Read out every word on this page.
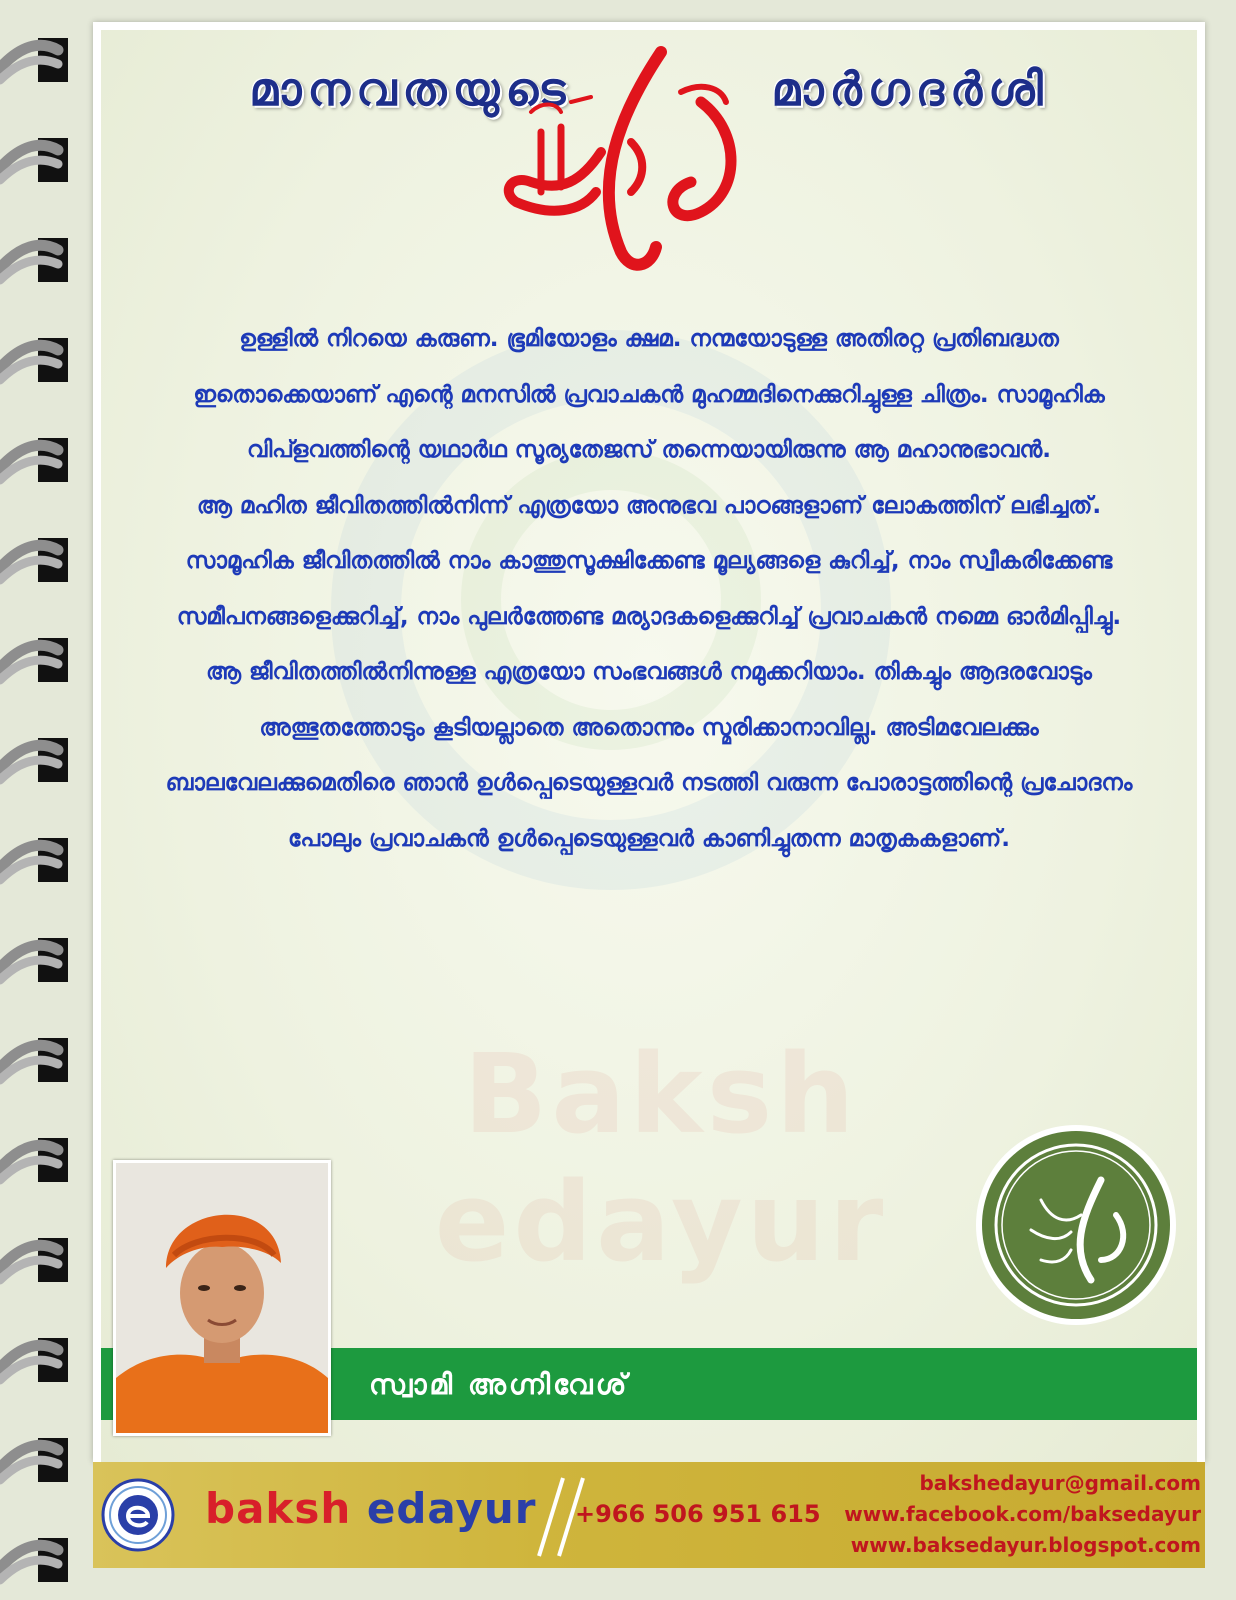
Baksh edayur
മാനവതയുടെ	മാർഗദർശി

ഉള്ളിൽ നിറയെ കരുണ. ഭൂമിയോളം ക്ഷമ. നന്മയോടുള്ള അതിരറ്റ പ്രതിബദ്ധത ഇതൊക്കെയാണ് എന്റെ മനസിൽ പ്രവാചകൻ മുഹമ്മദിനെക്കുറിച്ചുള്ള ചിത്രം. സാമൂഹിക വിപ്ളവത്തിന്റെ യഥാർഥ സൂര്യതേജസ് തന്നെയായിരുന്നു ആ മഹാനുഭാവൻ.

ആ മഹിത ജീവിതത്തിൽനിന്ന് എത്രയോ അനുഭവ പാഠങ്ങളാണ് ലോകത്തിന് ലഭിച്ചത്. സാമൂഹിക ജീവിതത്തിൽ നാം കാത്തുസൂക്ഷിക്കേണ്ട മൂല്യങ്ങളെ കുറിച്ച്, നാം സ്വീകരിക്കേണ്ട സമീപനങ്ങളെക്കുറിച്ച്, നാം പുലർത്തേണ്ട മര്യാദകളെക്കുറിച്ച് പ്രവാചകൻ നമ്മെ ഓർമിപ്പിച്ചു.

ആ ജീവിതത്തിൽനിന്നുള്ള എത്രയോ സംഭവങ്ങൾ നമുക്കറിയാം. തികച്ചും ആദരവോടും അത്ഭുതത്തോടും കൂടിയല്ലാതെ അതൊന്നും സ്മരിക്കാനാവില്ല. അടിമവേലക്കും ബാലവേലക്കുമെതിരെ ഞാൻ ഉൾപ്പെടെയുള്ളവർ നടത്തി വരുന്ന പോരാട്ടത്തിന്റെ പ്രചോദനം പോലും പ്രവാചകൻ ഉൾപ്പെടെയുള്ളവർ കാണിച്ചുതന്ന മാതൃകകളാണ്.

സ്വാമി അഗ്നിവേശ്
baksh edayur +966 506 951 615
bakshedayur@gmail.com
www.facebook.com/baksedayur
www.baksedayur.blogspot.com
